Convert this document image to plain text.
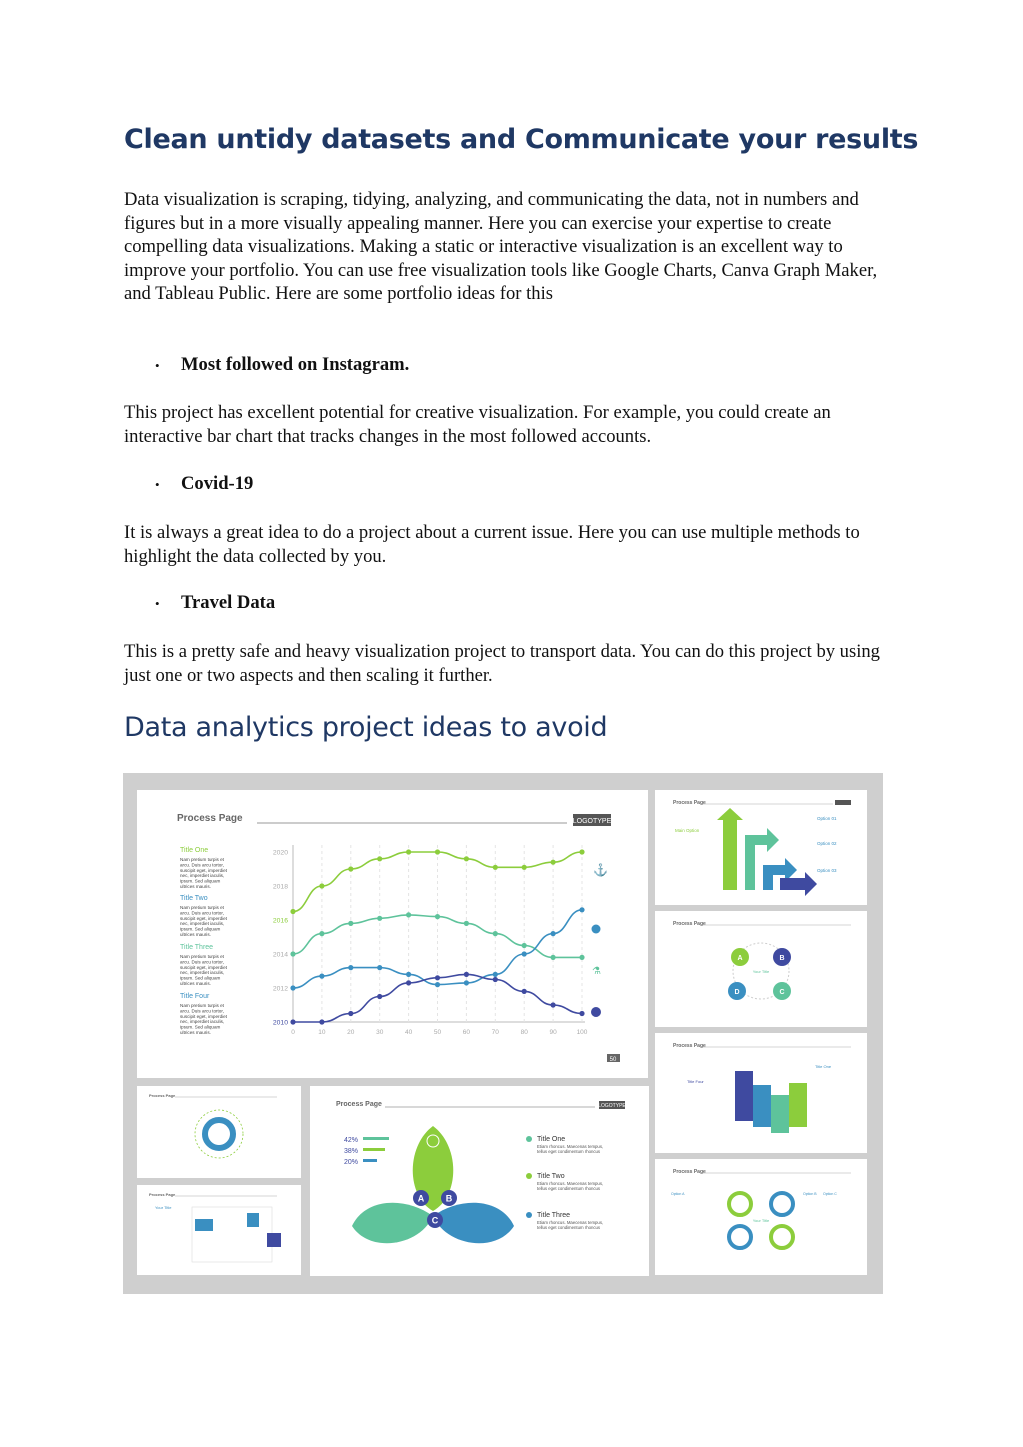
Clean untidy datasets and Communicate your results

Data visualization is scraping, tidying, analyzing, and communicating the data, not in numbers and figures but in a more visually appealing manner. Here you can exercise your expertise to create compelling data visualizations. Making a static or interactive visualization is an excellent way to improve your portfolio. You can use free visualization tools like Google Charts, Canva Graph Maker, and Tableau Public. Here are some portfolio ideas for this

• Most followed on Instagram.

This project has excellent potential for creative visualization. For example, you could create an interactive bar chart that tracks changes in the most followed accounts.

• Covid-19

It is always a great idea to do a project about a current issue. Here you can use multiple methods to highlight the data collected by you.

• Travel Data

This is a pretty safe and heavy visualization project to transport data. You can do this project by using just one or two aspects and then scaling it further.

Data analytics project ideas to avoid
Process Page	LOGOTYPE
Title One
Title Two
Title Three
Title Four
Nam pretium turpis et arcu. Duis arcu tortor, suscipit eget, imperdiet nec, imperdiet iaculis, ipsum. Sed aliquam ultrices mauris.
Nam pretium turpis et arcu. Duis arcu tortor, suscipit eget, imperdiet nec, imperdiet iaculis, ipsum. Sed aliquam ultrices mauris.
Nam pretium turpis et arcu. Duis arcu tortor, suscipit eget, imperdiet nec, imperdiet iaculis, ipsum. Sed aliquam ultrices mauris.
Nam pretium turpis et arcu. Duis arcu tortor, suscipit eget, imperdiet nec, imperdiet iaculis, ipsum. Sed aliquam ultrices mauris.
2020
2018
2016
2014
2012
2010
0	10	20	30	40	50	60	70	80	90	100
⚓
⚗
50
Process Page	LOGOTYPE
42%
38%
20%
A B
C
Title One
Title Two
Title Three
Etiam rhoncus. Maecenas tempus, tellus eget condimentum rhoncus
Etiam rhoncus. Maecenas tempus, tellus eget condimentum rhoncus
Etiam rhoncus. Maecenas tempus, tellus eget condimentum rhoncus
Process Page
Main Option
Option 01
Option 02
Option 03
Process Page
A	B
D	C
Your Title
Process Page
Title Four
Title One
Process Page
Your Title
Option A	Option B Option C
Process Page
Process Page
Your Title
